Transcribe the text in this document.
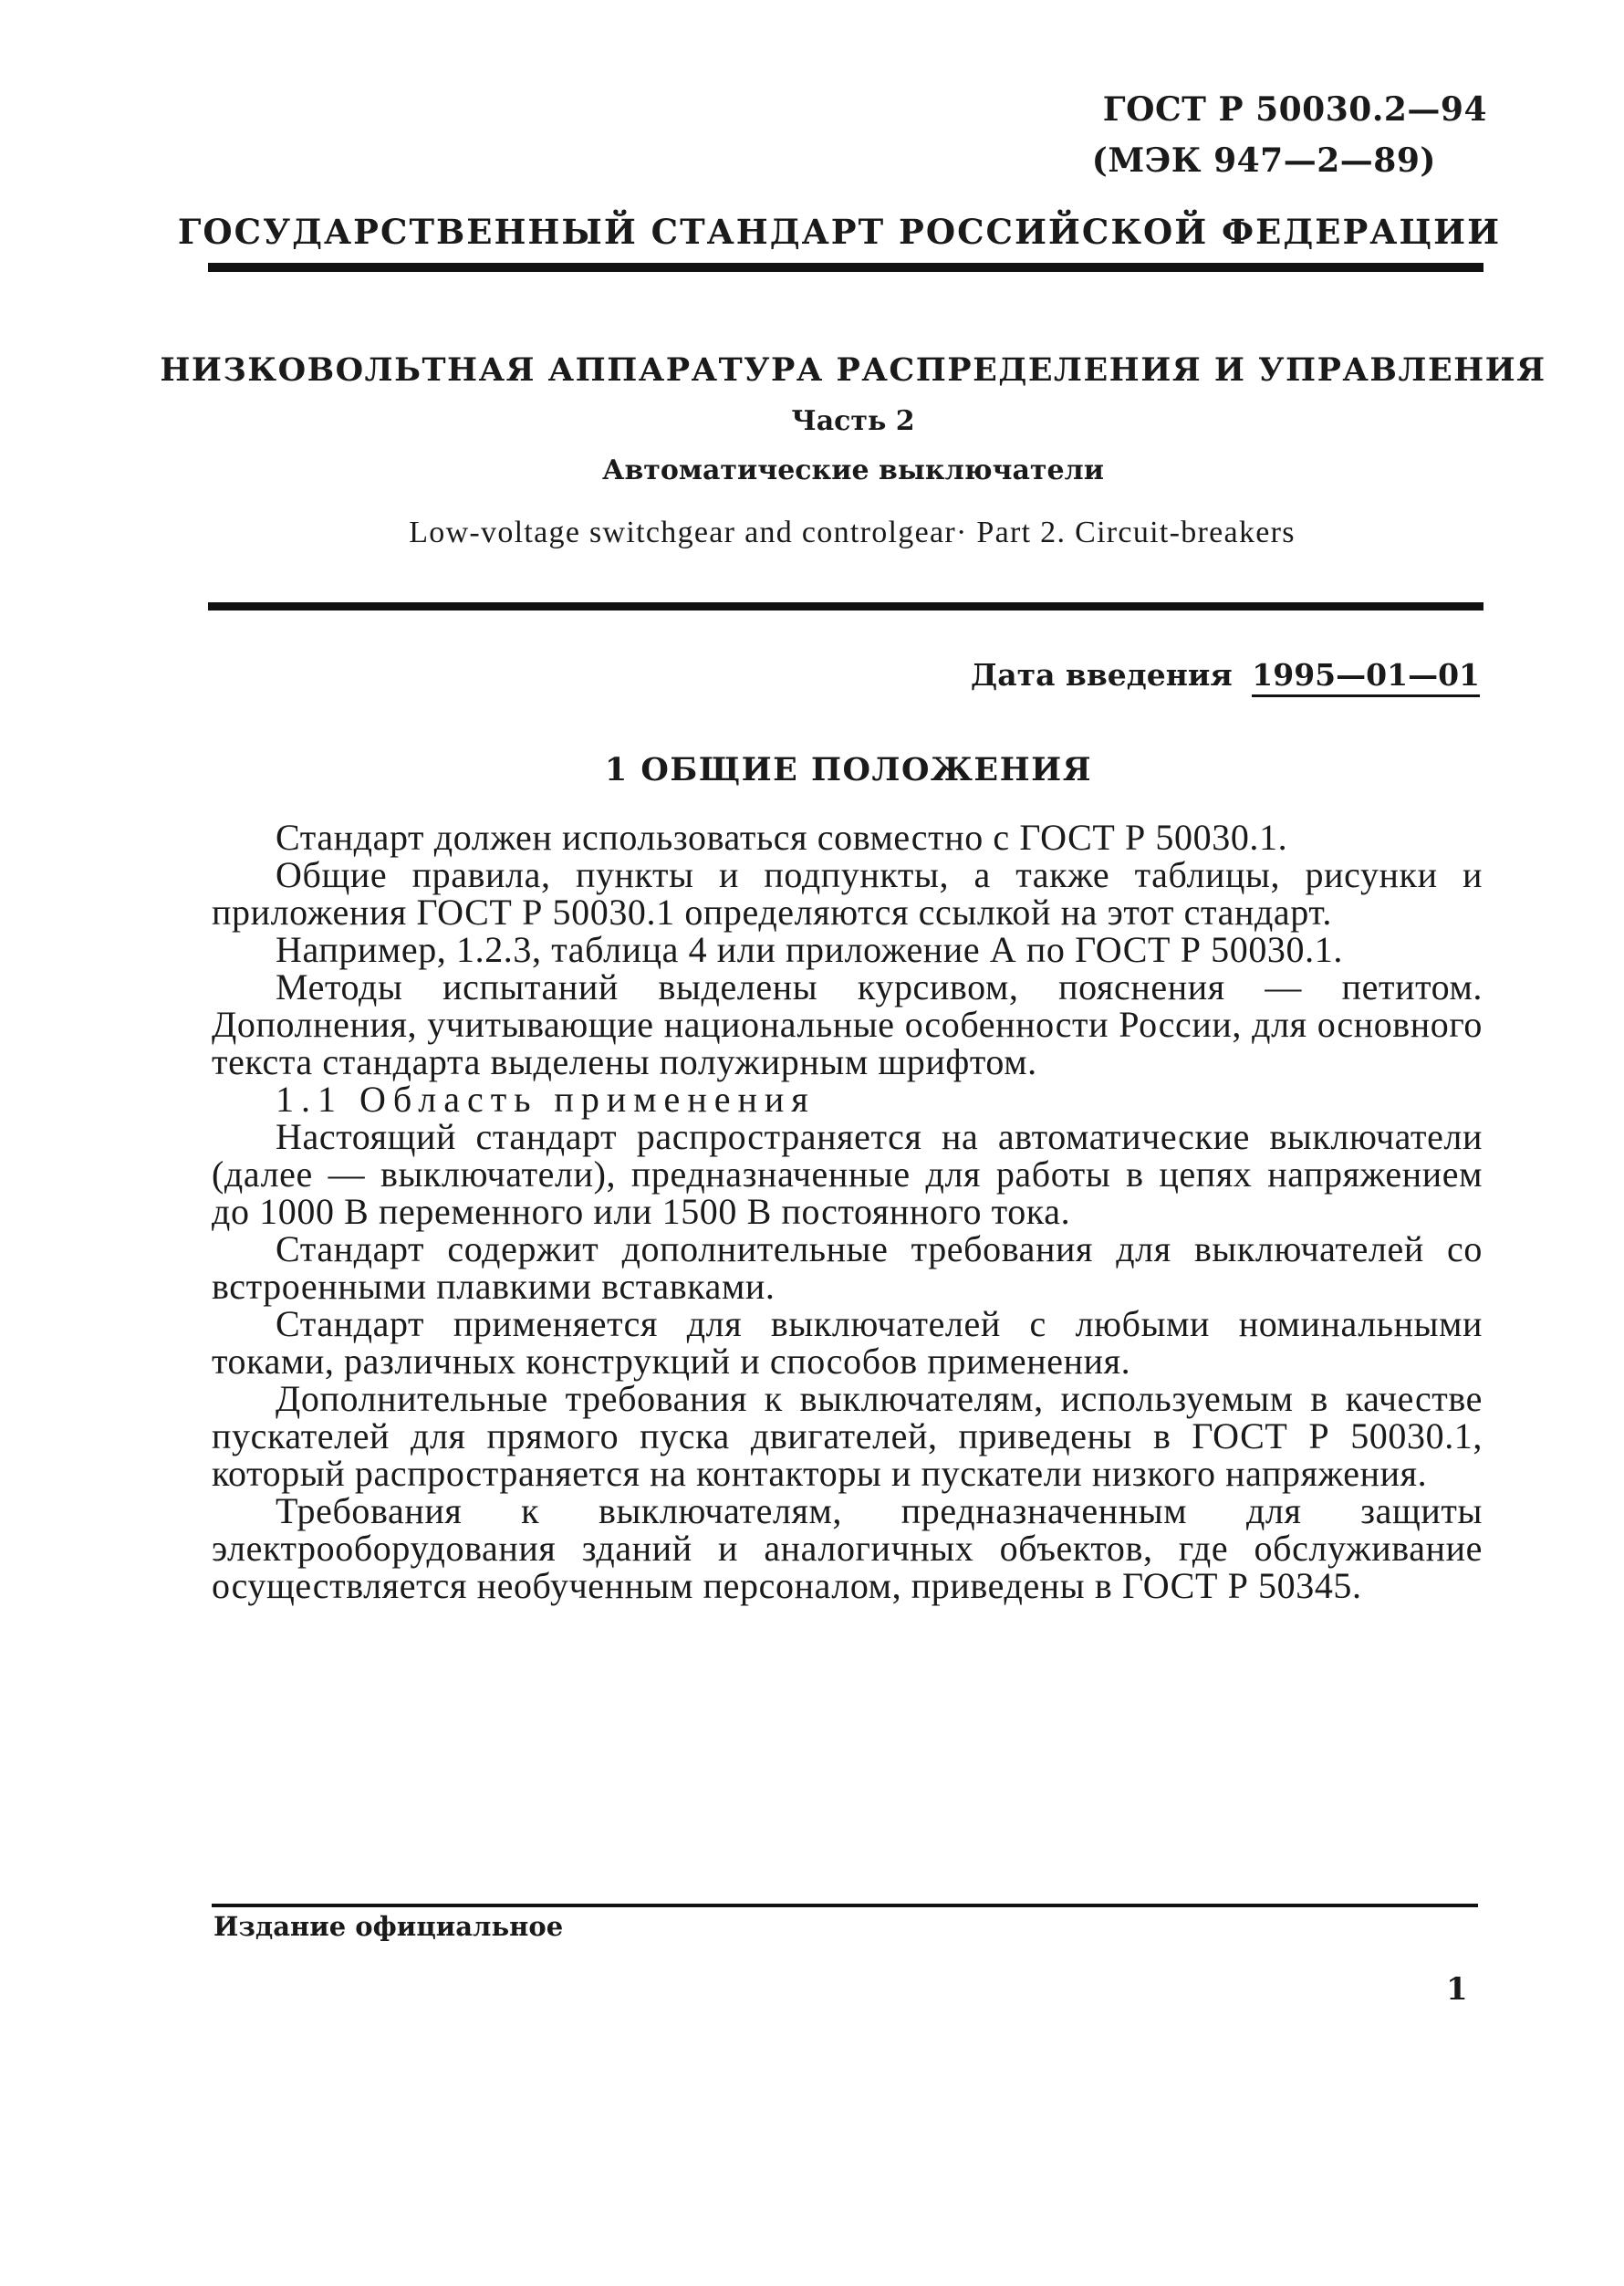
ГОСТ Р 50030.2—94
(МЭК 947—2—89)
ГОСУДАРСТВЕННЫЙ СТАНДАРТ РОССИЙСКОЙ ФЕДЕРАЦИИ
НИЗКОВОЛЬТНАЯ АППАРАТУРА РАСПРЕДЕЛЕНИЯ И УПРАВЛЕНИЯ
Часть 2
Автоматические выключатели
Low-voltage switchgear and controlgear· Part 2. Circuit-breakers
Дата введения 1995—01—01
1 ОБЩИЕ ПОЛОЖЕНИЯ

Стандарт должен использоваться совместно с ГОСТ Р 50030.1.

Общие правила, пункты и подпункты, а также таблицы, рисунки и приложения ГОСТ Р 50030.1 определяются ссылкой на этот стандарт.

Например, 1.2.3, таблица 4 или приложение А по ГОСТ Р 50030.1.

Методы испытаний выделены курсивом, пояснения — петитом. Дополнения, учитывающие национальные особенности России, для основного текста стандарта выделены полужирным шрифтом.

1.1 Область применения

Настоящий стандарт распространяется на автоматические выключатели (далее — выключатели), предназначенные для работы в цепях напряжением до 1000 В переменного или 1500 В постоянного тока.

Стандарт содержит дополнительные требования для выключателей со встроенными плавкими вставками.

Стандарт применяется для выключателей с любыми номинальными токами, различных конструкций и способов применения.

Дополнительные требования к выключателям, используемым в качестве пускателей для прямого пуска двигателей, приведены в ГОСТ Р 50030.1, который распространяется на контакторы и пускатели низкого напряжения.

Требования к выключателям, предназначенным для защиты электрооборудования зданий и аналогичных объектов, где обслуживание осуществляется необученным персоналом, приведены в ГОСТ Р 50345.

Издание официальное
1
